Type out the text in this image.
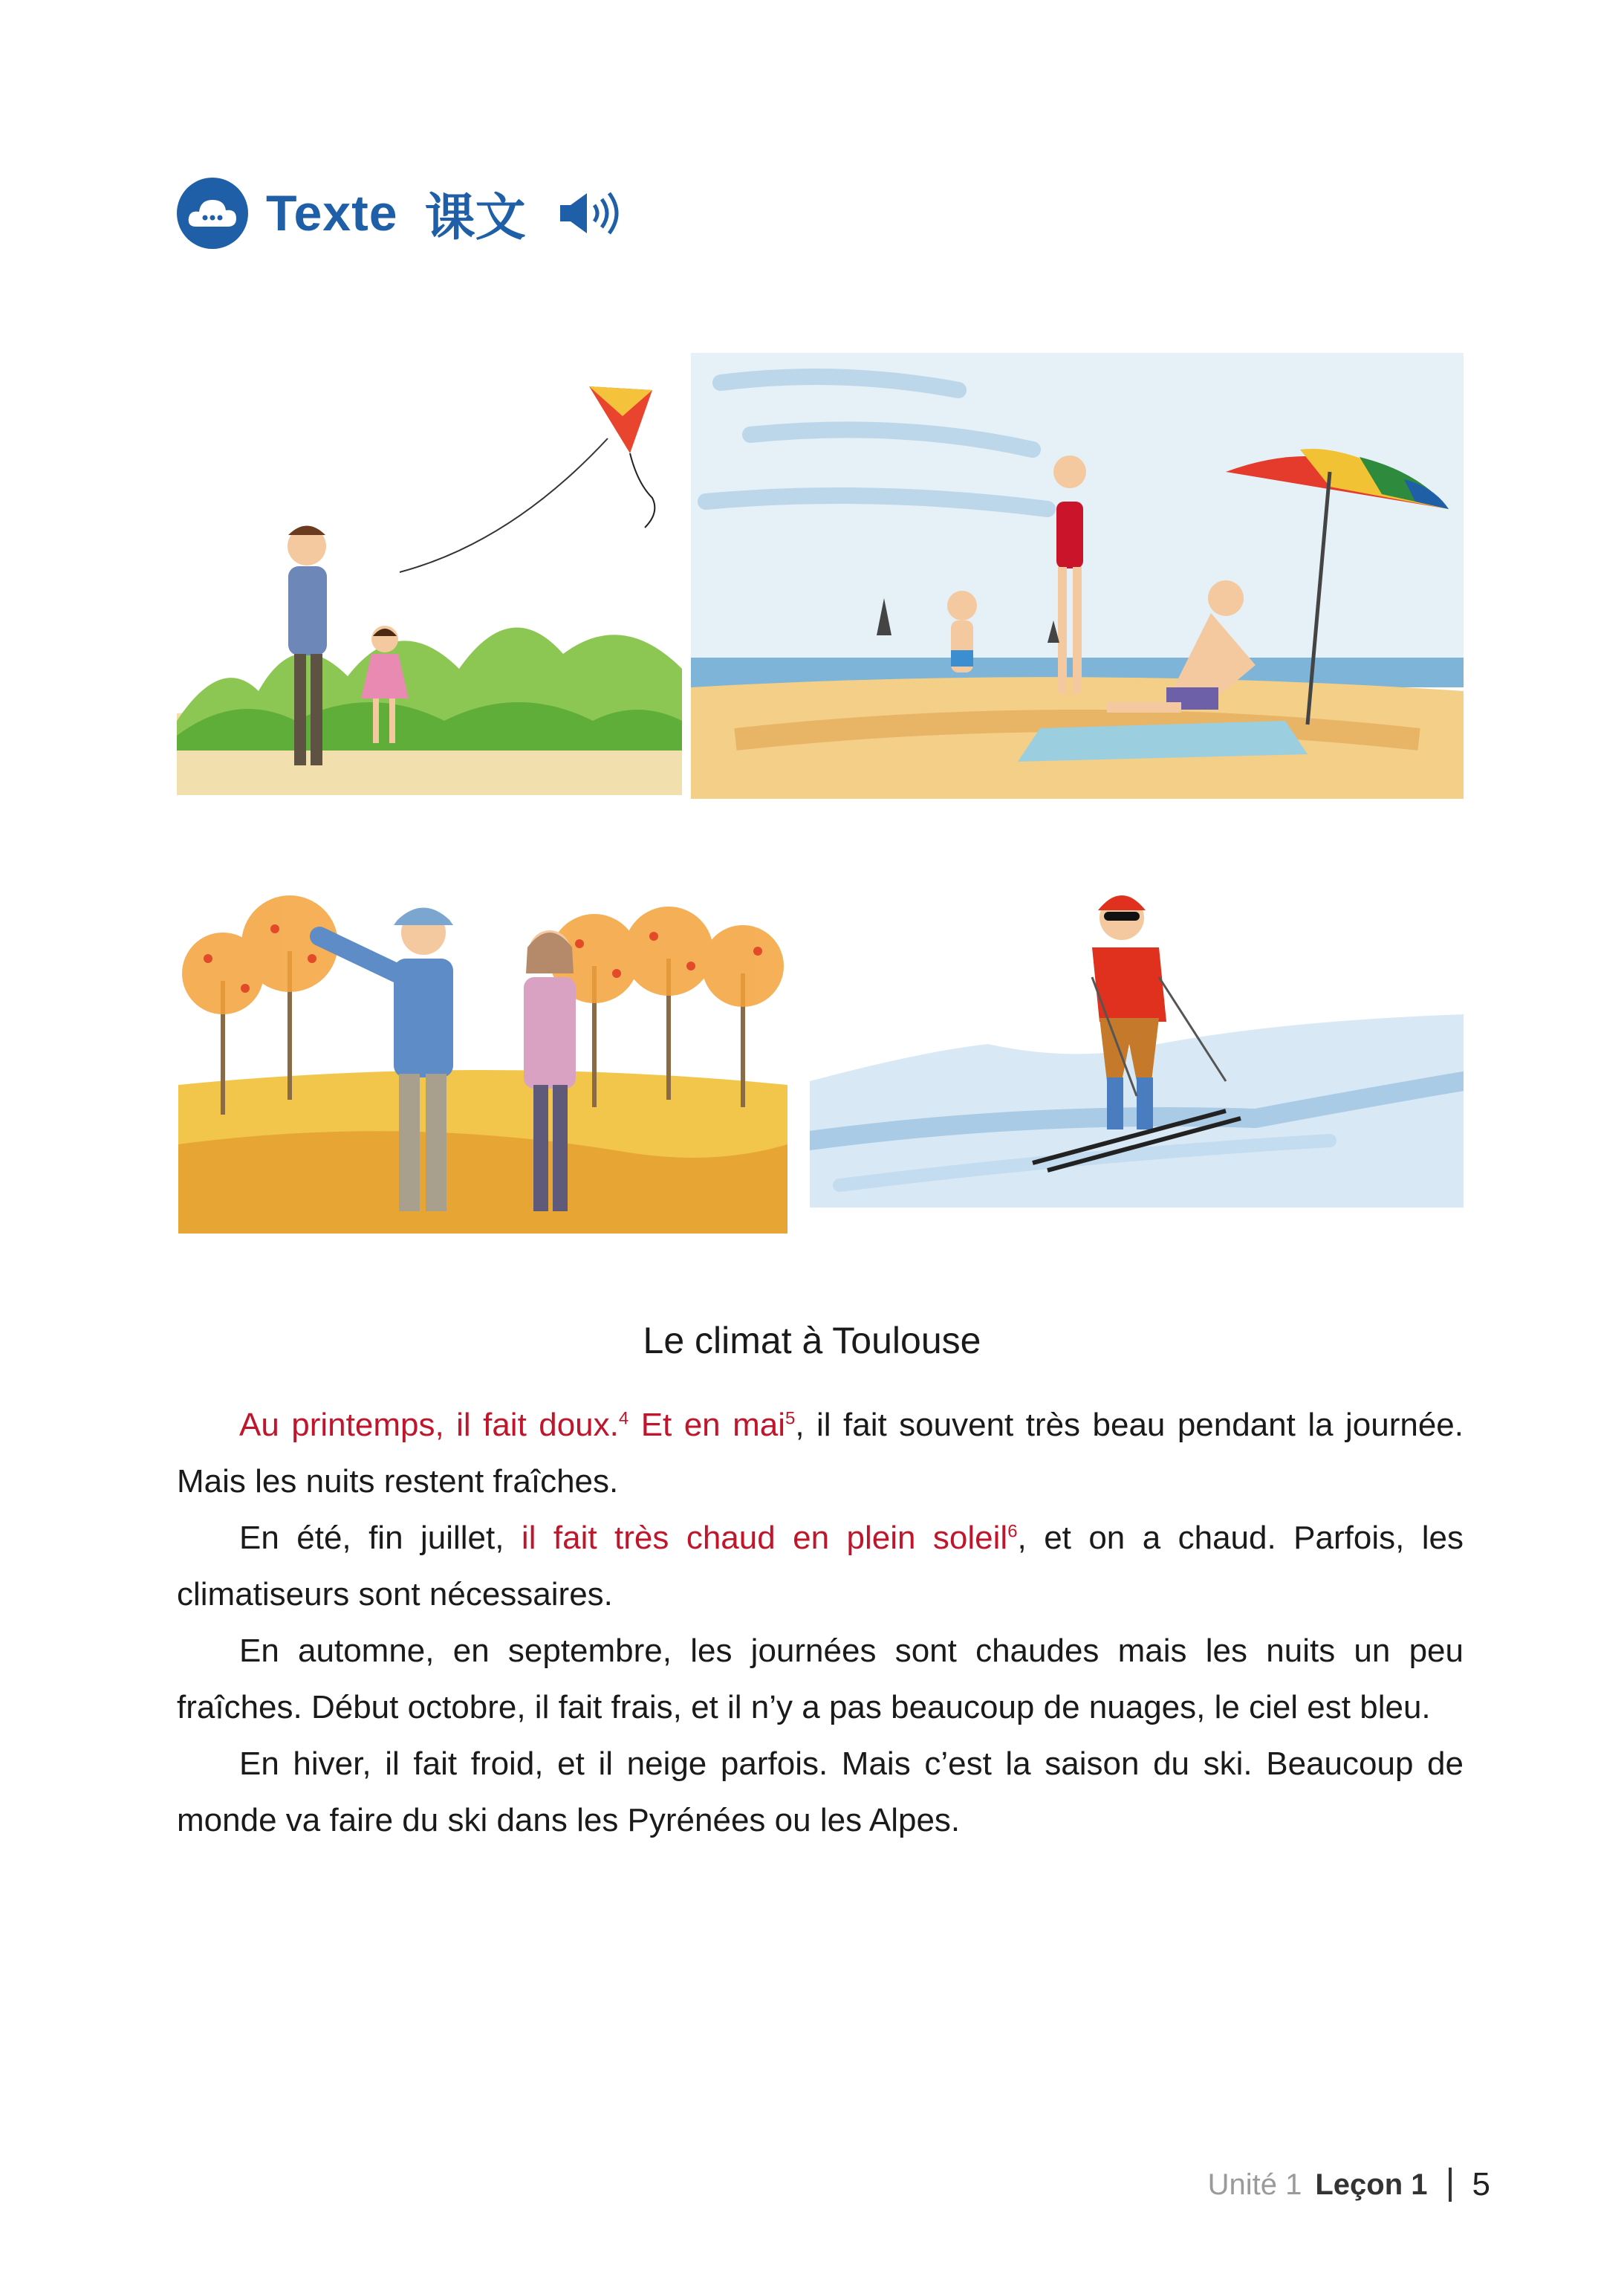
Texte 课文
Le climat à Toulouse

Au printemps, il fait doux.$^4$ Et en mai$^5$, il fait souvent très beau pendant la journée. Mais les nuits restent fraîches.

En été, fin juillet, il fait très chaud en plein soleil$^6$, et on a chaud. Parfois, les climatiseurs sont nécessaires.

En automne, en septembre, les journées sont chaudes mais les nuits un peu fraîches. Début octobre, il fait frais, et il n’y a pas beaucoup de nuages, le ciel est bleu.

En hiver, il fait froid, et il neige parfois. Mais c’est la saison du ski. Beaucoup de monde va faire du ski dans les Pyrénées ou les Alpes.

Unité 1 Leçon 1 5
